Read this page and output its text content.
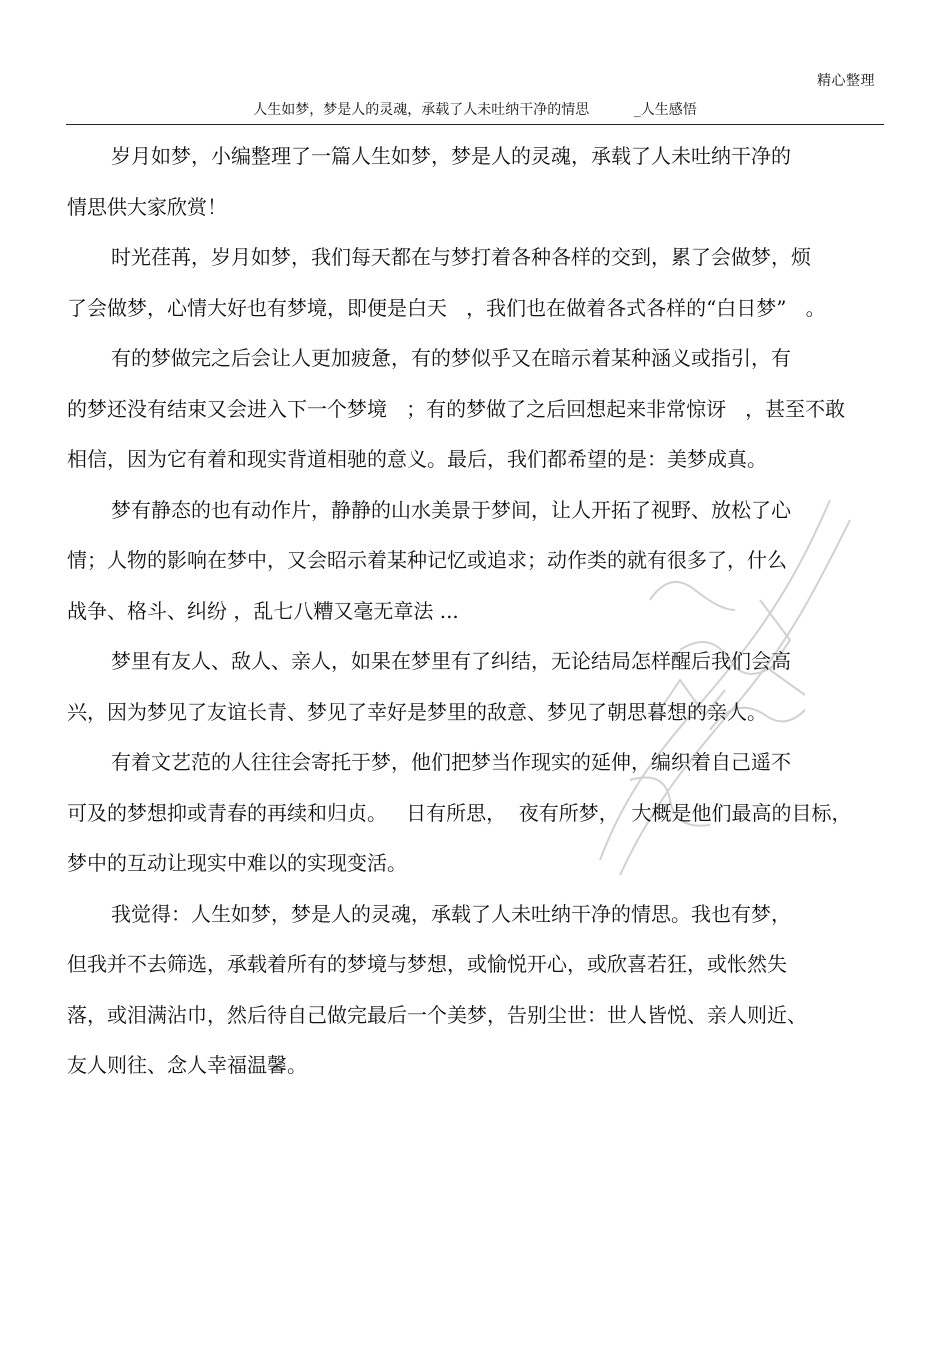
精心整理
人生如梦，梦是人的灵魂，承载了人未吐纳干净的情思          _人生感悟

岁月如梦，小编整理了一篇人生如梦，梦是人的灵魂，承载了人未吐纳干净的
情思供大家欣赏！

时光荏苒，岁月如梦，我们每天都在与梦打着各种各样的交到，累了会做梦，烦
了会做梦，心情大好也有梦境，即便是白天   ，我们也在做着各式各样的“白日梦”   。

有的梦做完之后会让人更加疲惫，有的梦似乎又在暗示着某种涵义或指引，有
的梦还没有结束又会进入下一个梦境   ；有的梦做了之后回想起来非常惊讶   ，甚至不敢
相信，因为它有着和现实背道相驰的意义。最后，我们都希望的是：美梦成真。

梦有静态的也有动作片，静静的山水美景于梦间，让人开拓了视野、放松了心
情；人物的影响在梦中，又会昭示着某种记忆或追求；动作类的就有很多了，什么
战争、格斗、纠纷 ，乱七八糟又毫无章法 ...

梦里有友人、敌人、亲人，如果在梦里有了纠结，无论结局怎样醒后我们会高
兴，因为梦见了友谊长青、梦见了幸好是梦里的敌意、梦见了朝思暮想的亲人。

有着文艺范的人往往会寄托于梦，他们把梦当作现实的延伸，编织着自己遥不
可及的梦想抑或青春的再续和归贞。   日有所思，  夜有所梦，  大概是他们最高的目标，
梦中的互动让现实中难以的实现变活。

我觉得：人生如梦，梦是人的灵魂，承载了人未吐纳干净的情思。我也有梦，
但我并不去筛选，承载着所有的梦境与梦想，或愉悦开心，或欣喜若狂，或怅然失
落，或泪满沾巾，然后待自己做完最后一个美梦，告别尘世：世人皆悦、亲人则近、
友人则往、念人幸福温馨。
